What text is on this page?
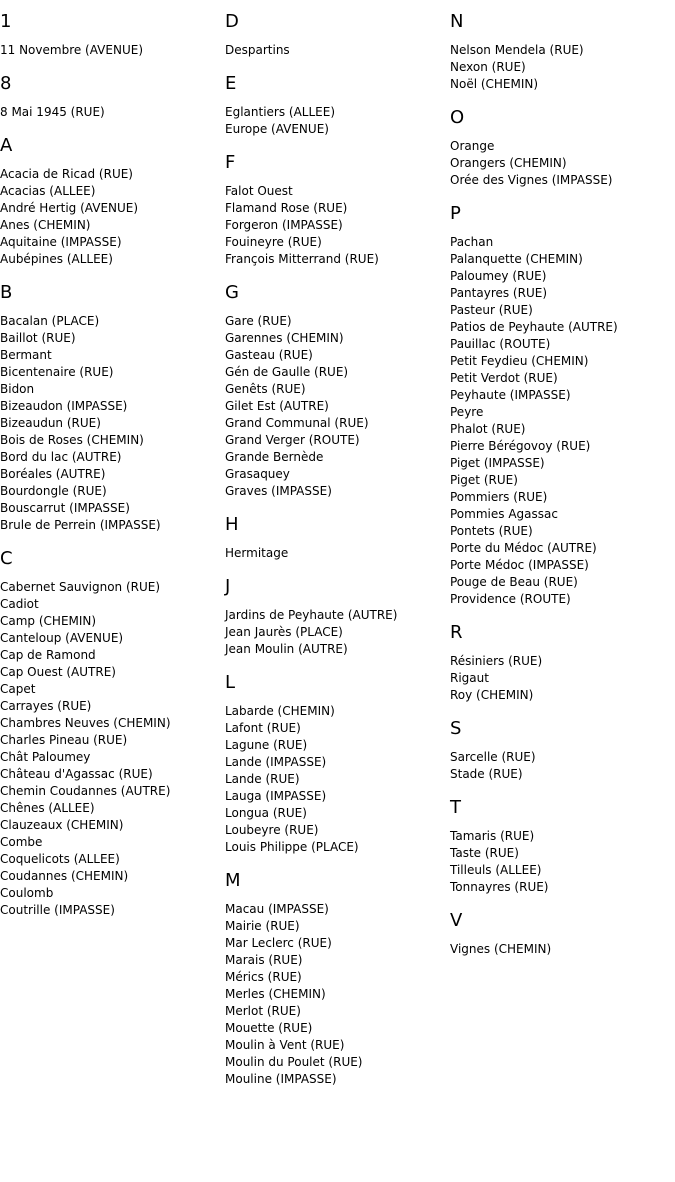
1
11 Novembre (AVENUE)
8
8 Mai 1945 (RUE)
A
Acacia de Ricad (RUE)
Acacias (ALLEE)
André Hertig (AVENUE)
Anes (CHEMIN)
Aquitaine (IMPASSE)
Aubépines (ALLEE)
B
Bacalan (PLACE)
Baillot (RUE)
Bermant
Bicentenaire (RUE)
Bidon
Bizeaudon (IMPASSE)
Bizeaudun (RUE)
Bois de Roses (CHEMIN)
Bord du lac (AUTRE)
Boréales (AUTRE)
Bourdongle (RUE)
Bouscarrut (IMPASSE)
Brule de Perrein (IMPASSE)
C
Cabernet Sauvignon (RUE)
Cadiot
Camp (CHEMIN)
Canteloup (AVENUE)
Cap de Ramond
Cap Ouest (AUTRE)
Capet
Carrayes (RUE)
Chambres Neuves (CHEMIN)
Charles Pineau (RUE)
Chât Paloumey
Château d'Agassac (RUE)
Chemin Coudannes (AUTRE)
Chênes (ALLEE)
Clauzeaux (CHEMIN)
Combe
Coquelicots (ALLEE)
Coudannes (CHEMIN)
Coulomb
Coutrille (IMPASSE)
D
Despartins
E
Eglantiers (ALLEE)
Europe (AVENUE)
F
Falot Ouest
Flamand Rose (RUE)
Forgeron (IMPASSE)
Fouineyre (RUE)
François Mitterrand (RUE)
G
Gare (RUE)
Garennes (CHEMIN)
Gasteau (RUE)
Gén de Gaulle (RUE)
Genêts (RUE)
Gilet Est (AUTRE)
Grand Communal (RUE)
Grand Verger (ROUTE)
Grande Bernède
Grasaquey
Graves (IMPASSE)
H
Hermitage
J
Jardins de Peyhaute (AUTRE)
Jean Jaurès (PLACE)
Jean Moulin (AUTRE)
L
Labarde (CHEMIN)
Lafont (RUE)
Lagune (RUE)
Lande (IMPASSE)
Lande (RUE)
Lauga (IMPASSE)
Longua (RUE)
Loubeyre (RUE)
Louis Philippe (PLACE)
M
Macau (IMPASSE)
Mairie (RUE)
Mar Leclerc (RUE)
Marais (RUE)
Mérics (RUE)
Merles (CHEMIN)
Merlot (RUE)
Mouette (RUE)
Moulin à Vent (RUE)
Moulin du Poulet (RUE)
Mouline (IMPASSE)
N
Nelson Mendela (RUE)
Nexon (RUE)
Noël (CHEMIN)
O
Orange
Orangers (CHEMIN)
Orée des Vignes (IMPASSE)
P
Pachan
Palanquette (CHEMIN)
Paloumey (RUE)
Pantayres (RUE)
Pasteur (RUE)
Patios de Peyhaute (AUTRE)
Pauillac (ROUTE)
Petit Feydieu (CHEMIN)
Petit Verdot (RUE)
Peyhaute (IMPASSE)
Peyre
Phalot (RUE)
Pierre Bérégovoy (RUE)
Piget (IMPASSE)
Piget (RUE)
Pommiers (RUE)
Pommies Agassac
Pontets (RUE)
Porte du Médoc (AUTRE)
Porte Médoc (IMPASSE)
Pouge de Beau (RUE)
Providence (ROUTE)
R
Résiniers (RUE)
Rigaut
Roy (CHEMIN)
S
Sarcelle (RUE)
Stade (RUE)
T
Tamaris (RUE)
Taste (RUE)
Tilleuls (ALLEE)
Tonnayres (RUE)
V
Vignes (CHEMIN)
